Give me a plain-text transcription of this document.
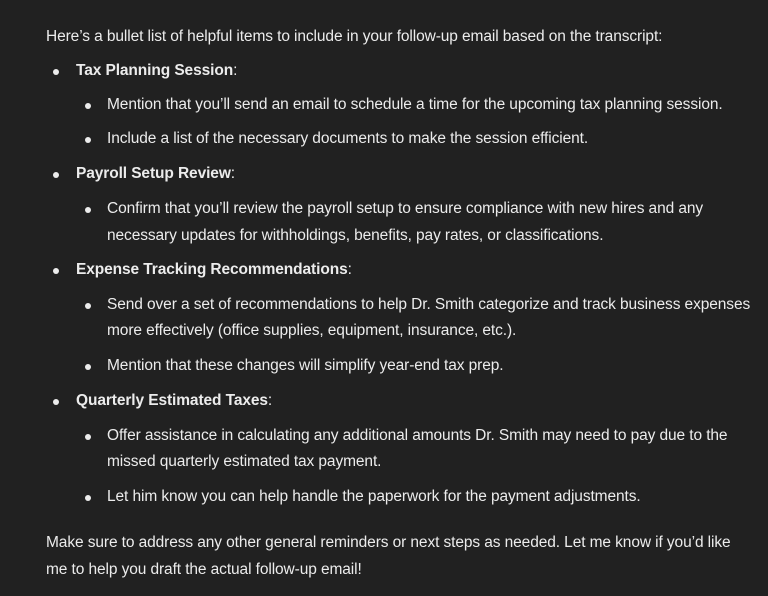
Here’s a bullet list of helpful items to include in your follow-up email based on the transcript:
Tax Planning Session:
Mention that you’ll send an email to schedule a time for the upcoming tax planning session.
Include a list of the necessary documents to make the session efficient.
Payroll Setup Review:
Confirm that you’ll review the payroll setup to ensure compliance with new hires and any
necessary updates for withholdings, benefits, pay rates, or classifications.
Expense Tracking Recommendations:
Send over a set of recommendations to help Dr. Smith categorize and track business expenses
more effectively (office supplies, equipment, insurance, etc.).
Mention that these changes will simplify year-end tax prep.
Quarterly Estimated Taxes:
Offer assistance in calculating any additional amounts Dr. Smith may need to pay due to the
missed quarterly estimated tax payment.
Let him know you can help handle the paperwork for the payment adjustments.
Make sure to address any other general reminders or next steps as needed. Let me know if you’d like
me to help you draft the actual follow-up email!
